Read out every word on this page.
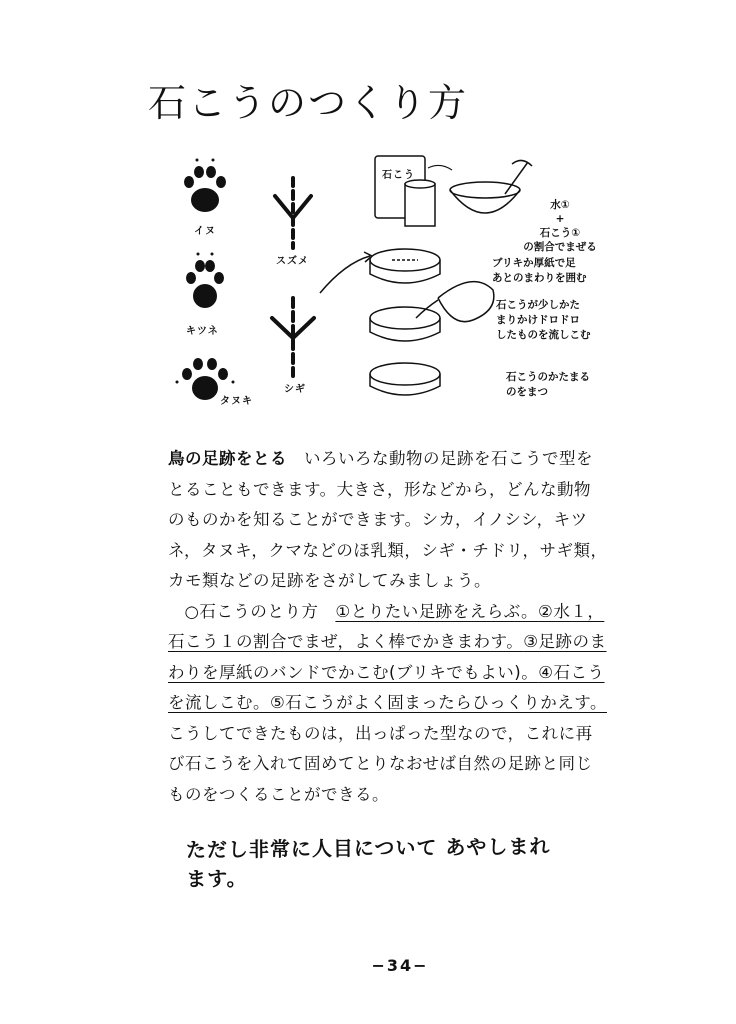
石こうのつくり方
イヌ
キツネ
タヌキ
スズメ
シギ
石こう
水①
+
石こう①
の割合でまぜる
ブリキか厚紙で足
あとのまわりを囲む
石こうが少しかた
まりかけドロドロ
したものを流しこむ
石こうのかたまる
のをまつ

鳥の足跡をとる　 いろいろな動物の足跡を石こうで型をとることもできます。大きさ，形などから，どんな動物のものかを知ることができます。シカ，イノシシ，キツネ，タヌキ，クマなどのほ乳類，シギ・チドリ，サギ類，カモ類などの足跡をさがしてみましょう。

○石こうのとり方　 ①とりたい足跡をえらぶ。②水１，石こう１の割合でまぜ，よく棒でかきまわす。③足跡のまわりを厚紙のバンドでかこむ(ブリキでもよい)。④石こうを流しこむ。⑤石こうがよく固まったらひっくりかえす。こうしてできたものは，出っぱった型なので，これに再び石こうを入れて固めてとりなおせば自然の足跡と同じものをつくることができる。

ただし非常に人目について あやしまれます。
−34−
